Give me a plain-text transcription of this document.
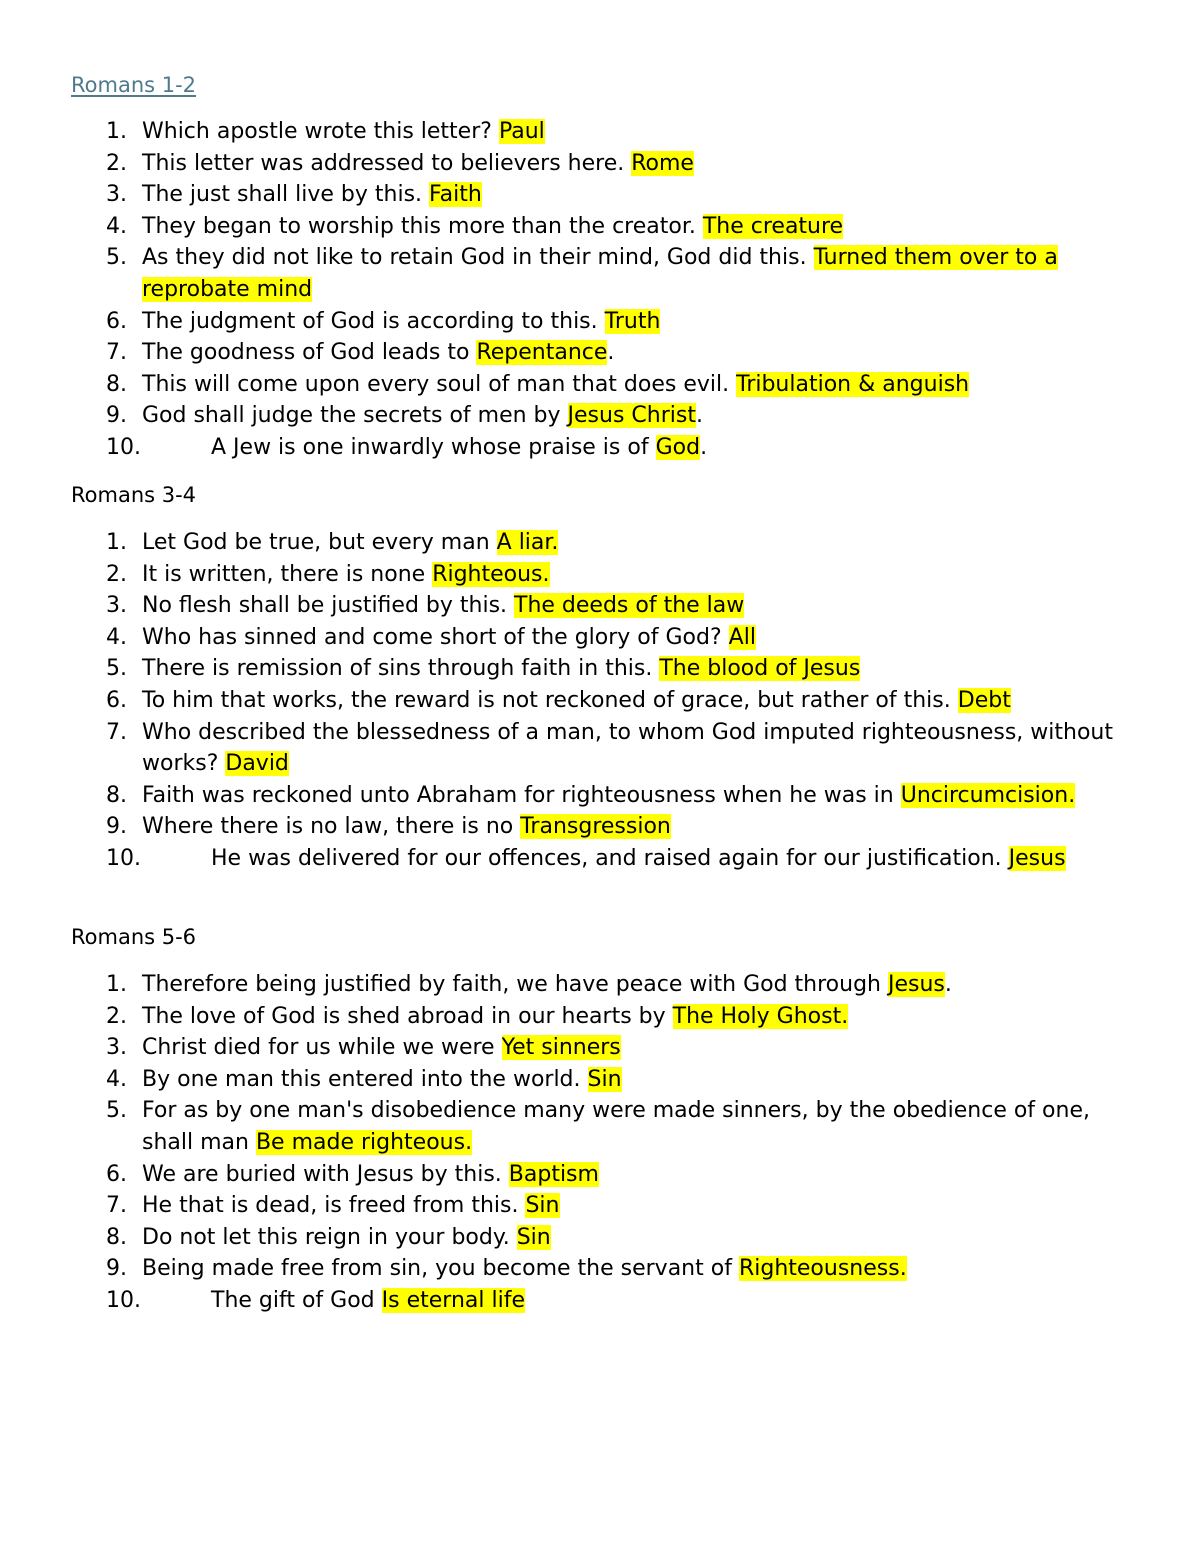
Romans 1-2
1. Which apostle wrote this letter? Paul
2. This letter was addressed to believers here. Rome
3. The just shall live by this. Faith
4. They began to worship this more than the creator. The creature
5. As they did not like to retain God in their mind, God did this. Turned them over to a reprobate mind
6. The judgment of God is according to this. Truth
7. The goodness of God leads to Repentance.
8. This will come upon every soul of man that does evil. Tribulation & anguish
9. God shall judge the secrets of men by Jesus Christ.
10.	A Jew is one inwardly whose praise is of God.
Romans 3-4
1. Let God be true, but every man A liar.
2. It is written, there is none Righteous.
3. No flesh shall be justified by this. The deeds of the law
4. Who has sinned and come short of the glory of God? All
5. There is remission of sins through faith in this. The blood of Jesus
6. To him that works, the reward is not reckoned of grace, but rather of this. Debt
7. Who described the blessedness of a man, to whom God imputed righteousness, without works? David
8. Faith was reckoned unto Abraham for righteousness when he was in Uncircumcision.
9. Where there is no law, there is no Transgression
10.	He was delivered for our offences, and raised again for our justification. Jesus
Romans 5-6
1. Therefore being justified by faith, we have peace with God through Jesus.
2. The love of God is shed abroad in our hearts by The Holy Ghost.
3. Christ died for us while we were Yet sinners
4. By one man this entered into the world. Sin
5. For as by one man's disobedience many were made sinners, by the obedience of one, shall man Be made righteous.
6. We are buried with Jesus by this. Baptism
7. He that is dead, is freed from this. Sin
8. Do not let this reign in your body. Sin
9. Being made free from sin, you become the servant of Righteousness.
10.	The gift of God Is eternal life
